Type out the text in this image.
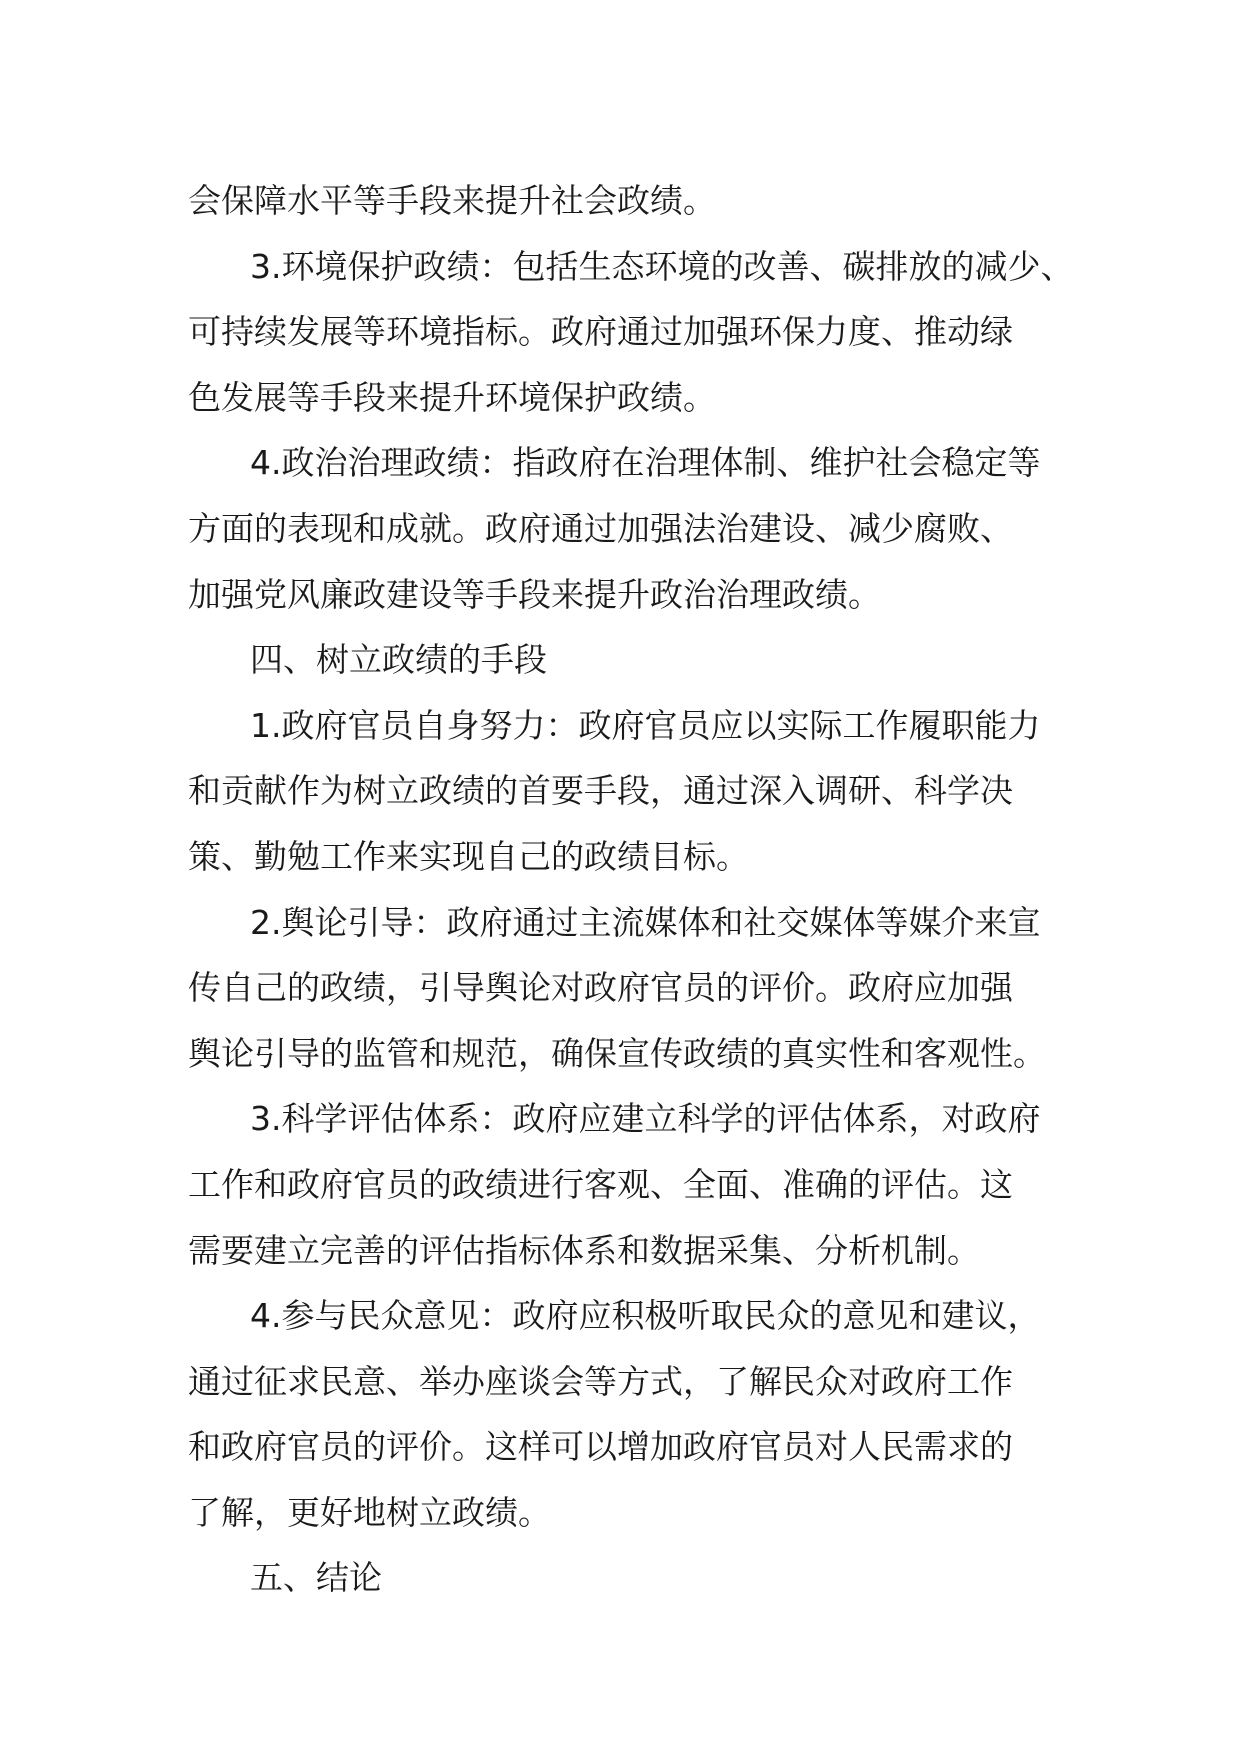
会保障水平等手段来提升社会政绩。
3.环境保护政绩：包括生态环境的改善、碳排放的减少、
可持续发展等环境指标。政府通过加强环保力度、推动绿
色发展等手段来提升环境保护政绩。
4.政治治理政绩：指政府在治理体制、维护社会稳定等
方面的表现和成就。政府通过加强法治建设、减少腐败、
加强党风廉政建设等手段来提升政治治理政绩。
四、树立政绩的手段
1.政府官员自身努力：政府官员应以实际工作履职能力
和贡献作为树立政绩的首要手段，通过深入调研、科学决
策、勤勉工作来实现自己的政绩目标。
2.舆论引导：政府通过主流媒体和社交媒体等媒介来宣
传自己的政绩，引导舆论对政府官员的评价。政府应加强
舆论引导的监管和规范，确保宣传政绩的真实性和客观性。
3.科学评估体系：政府应建立科学的评估体系，对政府
工作和政府官员的政绩进行客观、全面、准确的评估。这
需要建立完善的评估指标体系和数据采集、分析机制。
4.参与民众意见：政府应积极听取民众的意见和建议，
通过征求民意、举办座谈会等方式，了解民众对政府工作
和政府官员的评价。这样可以增加政府官员对人民需求的
了解，更好地树立政绩。
五、结论
